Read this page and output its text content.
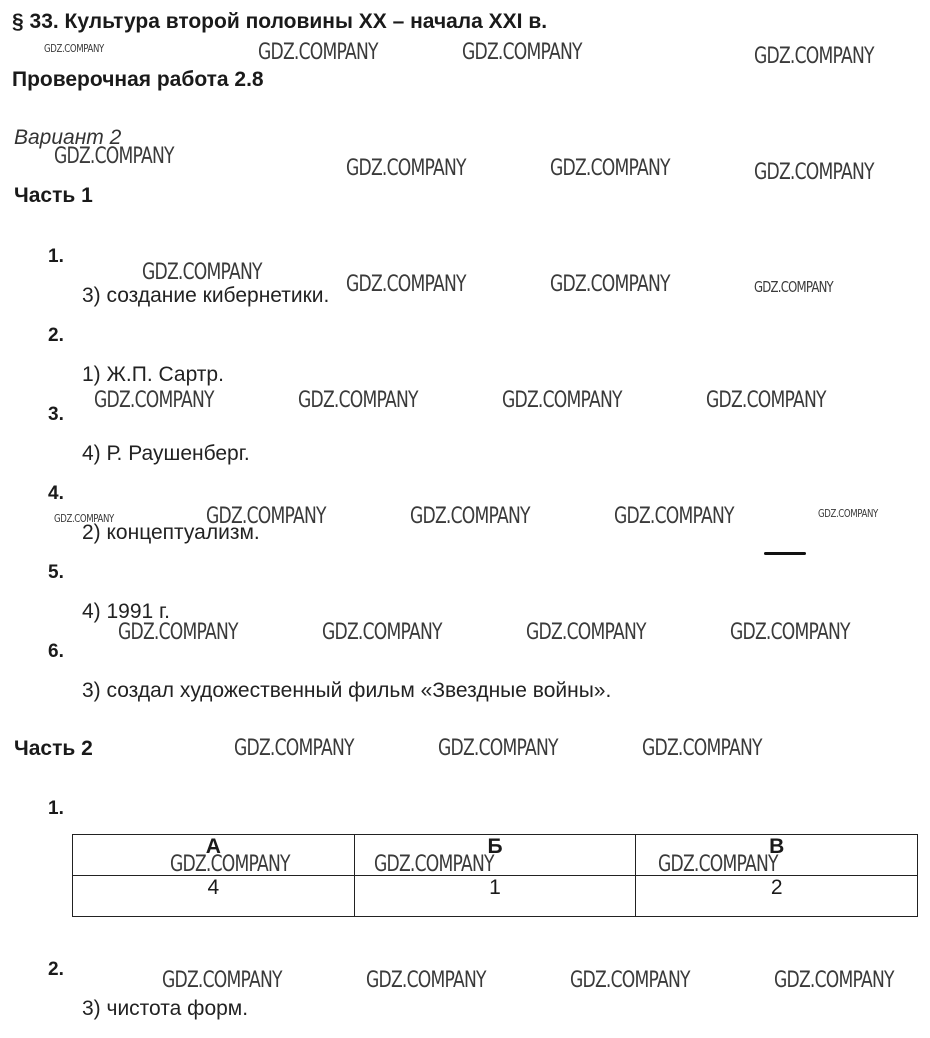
§ 33. Культура второй половины XX – начала XXI в.
Проверочная работа 2.8
Вариант 2
Часть 1
1.
3) создание кибернетики.
2.
1) Ж.П. Сартр.
3.
4) Р. Раушенберг.
4.
2) концептуализм.
5.
4) 1991 г.
6.
3) создал художественный фильм «Звездные войны».
Часть 2
1.
А	Б	В
4	1	2
2.
3) чистота форм.
GDZ.COMPANY	GDZ.COMPANY	GDZ.COMPANY	GDZ.COMPANY
GDZ.COMPANY	GDZ.COMPANY	GDZ.COMPANY	GDZ.COMPANY
GDZ.COMPANY	GDZ.COMPANY	GDZ.COMPANY	GDZ.COMPANY
GDZ.COMPANY	GDZ.COMPANY	GDZ.COMPANY	GDZ.COMPANY
GDZ.COMPANY	GDZ.COMPANY	GDZ.COMPANY	GDZ.COMPANY	GDZ.COMPANY
GDZ.COMPANY	GDZ.COMPANY	GDZ.COMPANY	GDZ.COMPANY
GDZ.COMPANY	GDZ.COMPANY	GDZ.COMPANY
GDZ.COMPANY	GDZ.COMPANY	GDZ.COMPANY
GDZ.COMPANY	GDZ.COMPANY	GDZ.COMPANY	GDZ.COMPANY
